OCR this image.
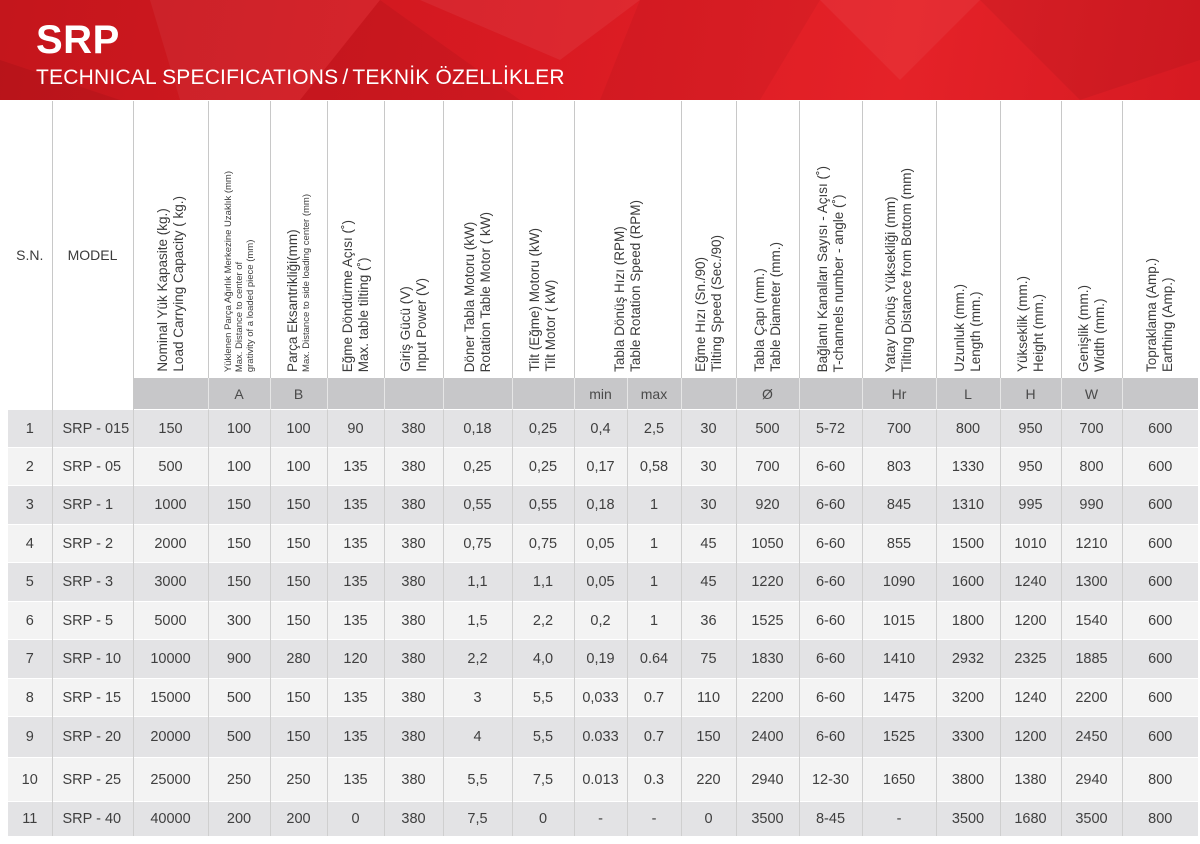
SRP
TECHNICAL SPECIFICATIONS / TEKNİK ÖZELLİKLER
S.N.	MODEL	Nominal Yük Kapasite (kg.) Load Carrying Capacity ( kg.)	Yüklenen Parça Ağırlık Merkezine Uzaklık (mm) Max. Distance to center of grativity of a loaded piece (mm)	Parça Eksantrikliği(mm) Max. Distance to side loading center (mm)	Eğme Döndürme Açısı (˚) Max. table tilting (˚)	Giriş Gücü (V) Input Power (V)	Döner Tabla Motoru (kW) Rotation Table Motor ( kW)	Tilt (Eğme) Motoru (kW) Tilt Motor ( kW)	Tabla Dönüş Hızı (RPM) Table Rotation Speed (RPM)		Eğme Hızı (Sn./90) Tilting Speed (Sec./90)	Tabla Çapı (mm.) Table Diameter (mm.)	Bağlantı Kanalları Sayısı - Açısı (˚) T-channels number - angle (˚)	Yatay Dönüş Yüksekliği (mm) Tilting Distance from Bottom (mm)	Uzunluk (mm.) Length (mm.)	Yükseklik (mm.) Height (mm.)	Genişlik (mm.) Width (mm.)	Topraklama (Amp.) Earthing (Amp.)

			A	B					min	max		Ø		Hr	L	H	W	
1	SRP - 015	150	100	100	90	380	0,18	0,25	0,4	2,5	30	500	5-72	700	800	950	700	600
2	SRP - 05	500	100	100	135	380	0,25	0,25	0,17	0,58	30	700	6-60	803	1330	950	800	600
3	SRP - 1	1000	150	150	135	380	0,55	0,55	0,18	1	30	920	6-60	845	1310	995	990	600
4	SRP - 2	2000	150	150	135	380	0,75	0,75	0,05	1	45	1050	6-60	855	1500	1010	1210	600
5	SRP - 3	3000	150	150	135	380	1,1	1,1	0,05	1	45	1220	6-60	1090	1600	1240	1300	600
6	SRP - 5	5000	300	150	135	380	1,5	2,2	0,2	1	36	1525	6-60	1015	1800	1200	1540	600
7	SRP - 10	10000	900	280	120	380	2,2	4,0	0,19	0.64	75	1830	6-60	1410	2932	2325	1885	600
8	SRP - 15	15000	500	150	135	380	3	5,5	0,033	0.7	110	2200	6-60	1475	3200	1240	2200	600
9	SRP - 20	20000	500	150	135	380	4	5,5	0.033	0.7	150	2400	6-60	1525	3300	1200	2450	600
10	SRP - 25	25000	250	250	135	380	5,5	7,5	0.013	0.3	220	2940	12-30	1650	3800	1380	2940	800
11	SRP - 40	40000	200	200	0	380	7,5	0	-	-	0	3500	8-45	-	3500	1680	3500	800
